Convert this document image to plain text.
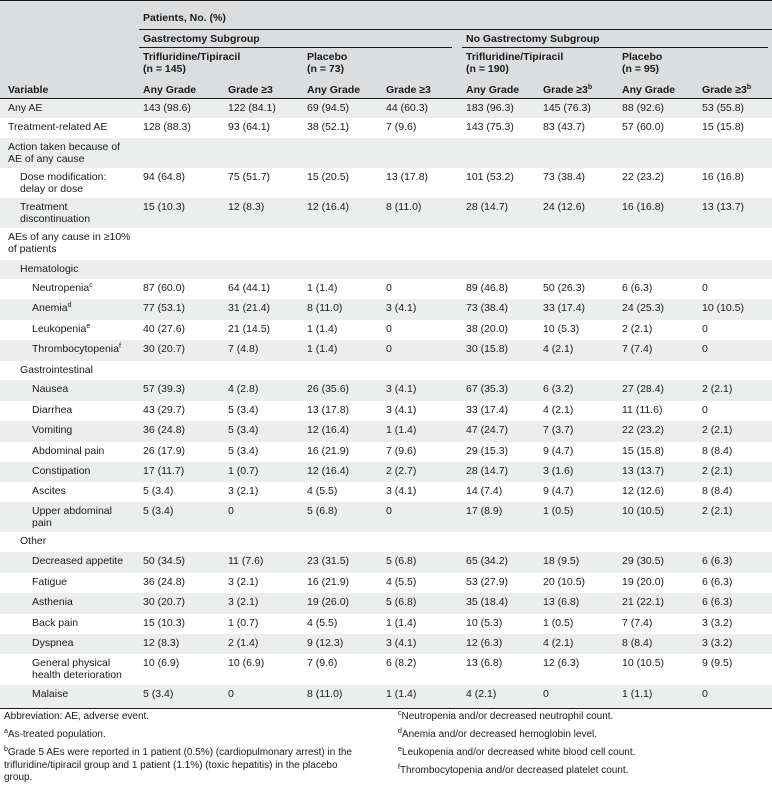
Patients, No. (%)
Gastrectomy Subgroup
Trifluridine/Tipiracil
(n = 145)
Any Grade	Grade ≥3
Placebo
(n = 73)
Any Grade Grade ≥3
No Gastrectomy Subgroup
Trifluridine/Tipiracil
(n = 190)
Any Grade Grade $\ge 3^b$
Placebo
(n = 95)
Any Grade	Grade $\ge 3^b$
Variable
Any AE	143 (98.6)	122 (84.1)	69 (94.5)	44 (60.3)	183 (96.3)	145 (76.3)	88 (92.6)	53 (55.8)
Treatment-related AE	128 (88.3)	93 (64.1)	38 (52.1)	7 (9.6)	143 (75.3)	83 (43.7)	57 (60.0)	15 (15.8)
Action taken because of
AE of any cause
Dose modification:
delay or dose
94 (64.8)	75 (51.7)	15 (20.5)	13 (17.8)	101 (53.2)	73 (38.4)	22 (23.2)	16 (16.8)
Treatment
discontinuation
15 (10.3)	12 (8.3)	12 (16.4)	8 (11.0)	28 (14.7)	24 (12.6)	16 (16.8)	13 (13.7)
AEs of any cause in ≥10%
of patients
Hematologic
Neutropenia$^c$	87 (60.0)	64 (44.1)	1 (1.4)	0	89 (46.8)	50 (26.3)	6 (6.3)	0
Anemia$^d$	77 (53.1)	31 (21.4)	8 (11.0)	3 (4.1)	73 (38.4)	33 (17.4)	24 (25.3)	10 (10.5)
Leukopenia$^e$	40 (27.6)	21 (14.5)	1 (1.4)	0	38 (20.0)	10 (5.3)	2 (2.1)	0
Thrombocytopenia$^f$ 30 (20.7)	7 (4.8)	1 (1.4)	0	30 (15.8)	4 (2.1)	7 (7.4)	0
Gastrointestinal
Nausea	57 (39.3)	4 (2.8)	26 (35.6)	3 (4.1)	67 (35.3)	6 (3.2)	27 (28.4)	2 (2.1)
Diarrhea	43 (29.7)	5 (3.4)	13 (17.8)	3 (4.1)	33 (17.4)	4 (2.1)	11 (11.6)	0
Vomiting	36 (24.8)	5 (3.4)	12 (16.4)	1 (1.4)	47 (24.7)	7 (3.7)	22 (23.2)	2 (2.1)
Abdominal pain	26 (17.9)	5 (3.4)	16 (21.9)	7 (9.6)	29 (15.3)	9 (4.7)	15 (15.8)	8 (8.4)
Constipation	17 (11.7)	1 (0.7)	12 (16.4)	2 (2.7)	28 (14.7)	3 (1.6)	13 (13.7)	2 (2.1)
Ascites	5 (3.4)	3 (2.1)	4 (5.5)	3 (4.1)	14 (7.4)	9 (4.7)	12 (12.6)	8 (8.4)
Upper abdominal
pain
5 (3.4)	0	5 (6.8)	0	17 (8.9)	1 (0.5)	10 (10.5)	2 (2.1)
Other
Decreased appetite 50 (34.5)	11 (7.6)	23 (31.5)	5 (6.8)	65 (34.2)	18 (9.5)	29 (30.5)	6 (6.3)
Fatigue	36 (24.8)	3 (2.1)	16 (21.9)	4 (5.5)	53 (27.9)	20 (10.5)	19 (20.0)	6 (6.3)
Asthenia	30 (20.7)	3 (2.1)	19 (26.0)	5 (6.8)	35 (18.4)	13 (6.8)	21 (22.1)	6 (6.3)
Back pain	15 (10.3)	1 (0.7)	4 (5.5)	1 (1.4)	10 (5.3)	1 (0.5)	7 (7.4)	3 (3.2)
Dyspnea	12 (8.3)	2 (1.4)	9 (12.3)	3 (4.1)	12 (6.3)	4 (2.1)	8 (8.4)	3 (3.2)
General physical
health deterioration
10 (6.9)	10 (6.9)	7 (9.6)	6 (8.2)	13 (6.8)	12 (6.3)	10 (10.5)	9 (9.5)
Malaise	5 (3.4)	0	8 (11.0)	1 (1.4)	4 (2.1)	0	1 (1.1)	0
Abbreviation: AE, adverse event.
$^a$As-treated population.
$^b$Grade 5 AEs were reported in 1 patient (0.5%) (cardiopulmonary arrest) in the
trifluridine/tipiracil group and 1 patient (1.1%) (toxic hepatitis) in the placebo
group.
$^c$Neutropenia and/or decreased neutrophil count.
$^d$Anemia and/or decreased hemoglobin level.
$^e$Leukopenia and/or decreased white blood cell count.
$^f$Thrombocytopenia and/or decreased platelet count.
